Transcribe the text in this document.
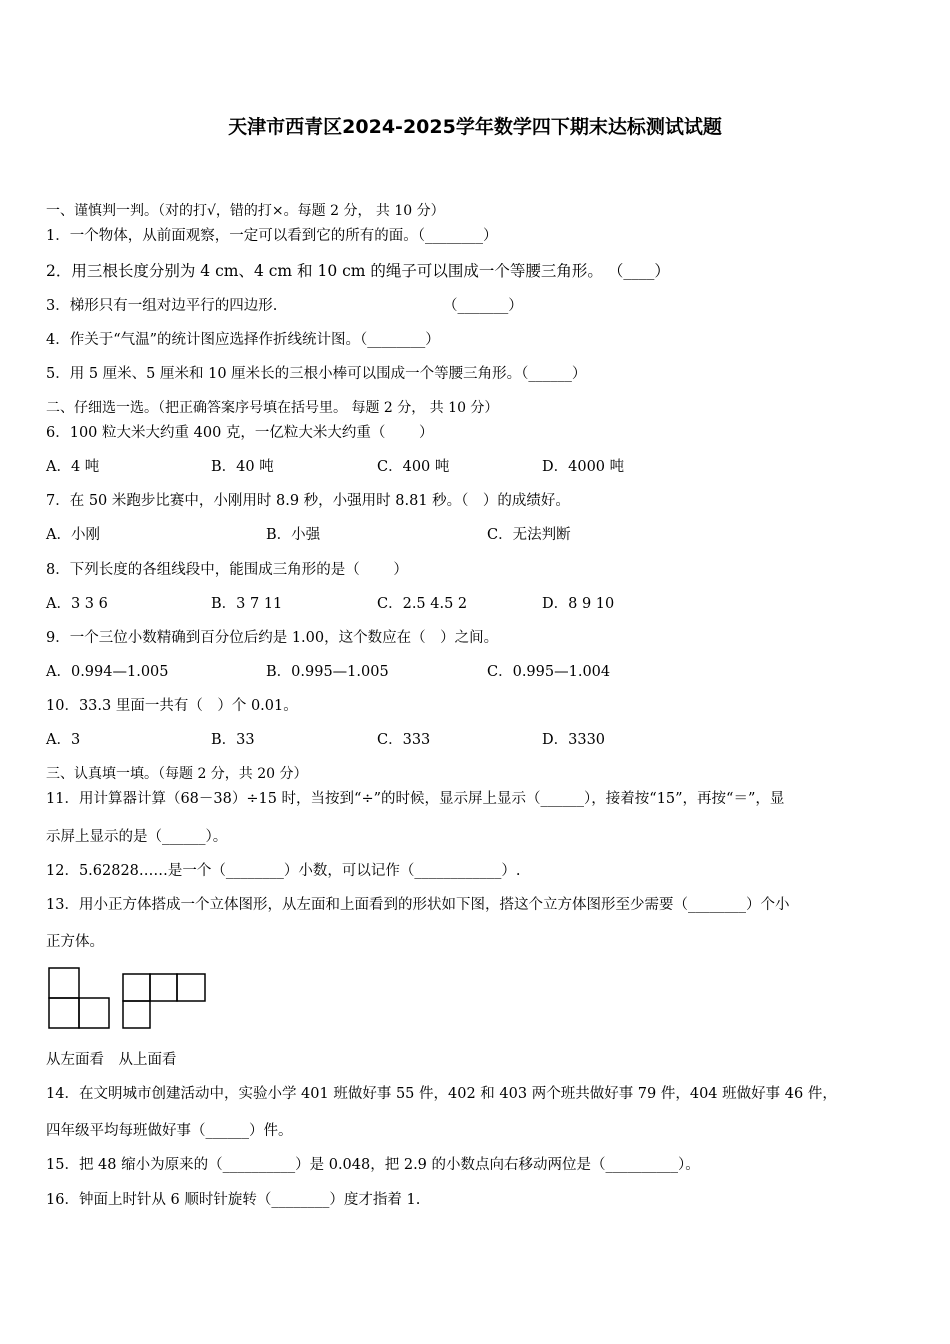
天津市西青区2024-2025学年数学四下期末达标测试试题
一、谨慎判一判。（对的打√，错的打×。每题 2 分， 共 10 分）
1．一个物体，从前面观察，一定可以看到它的所有的面。（________）
2．用三根长度分别为 4 cm、4 cm 和 10 cm 的绳子可以围成一个等腰三角形。 （____）
3．梯形只有一组对边平行的四边形.	（_______）
4．作关于“气温”的统计图应选择作折线统计图。（________）
5．用 5 厘米、5 厘米和 10 厘米长的三根小棒可以围成一个等腰三角形。（______）
二、仔细选一选。（把正确答案序号填在括号里。 每题 2 分， 共 10 分）
6．100 粒大米大约重 400 克，一亿粒大米大约重（　　 ）
A．4 吨	B．40 吨	C．400 吨	D．4000 吨
7．在 50 米跑步比赛中，小刚用时 8.9 秒，小强用时 8.81 秒。（　）的成绩好。
A．小刚	B．小强	C．无法判断
8．下列长度的各组线段中，能围成三角形的是（　　 ）
A．3 3 6	B．3 7 11	C．2.5 4.5 2	D．8 9 10
9．一个三位小数精确到百分位后约是 1.00，这个数应在（　）之间。
A．0.994—1.005	B．0.995—1.005	C．0.995—1.004
10．33.3 里面一共有（　）个 0.01。
A．3	B．33	C．333	D．3330
三、认真填一填。（每题 2 分，共 20 分）
11．用计算器计算（68－38）÷15 时，当按到“÷”的时候，显示屏上显示（______），接着按“15”，再按“＝”，显
示屏上显示的是（______）。
12．5.62828……是一个（________）小数，可以记作（____________）.
13．用小正方体搭成一个立体图形，从左面和上面看到的形状如下图，搭这个立方体图形至少需要（________）个小
正方体。
从左面看　从上面看
14．在文明城市创建活动中，实验小学 401 班做好事 55 件，402 和 403 两个班共做好事 79 件，404 班做好事 46 件，
四年级平均每班做好事（______）件。
15．把 48 缩小为原来的（__________）是 0.048，把 2.9 的小数点向右移动两位是（__________）。
16．钟面上时针从 6 顺时针旋转（________）度才指着 1.
